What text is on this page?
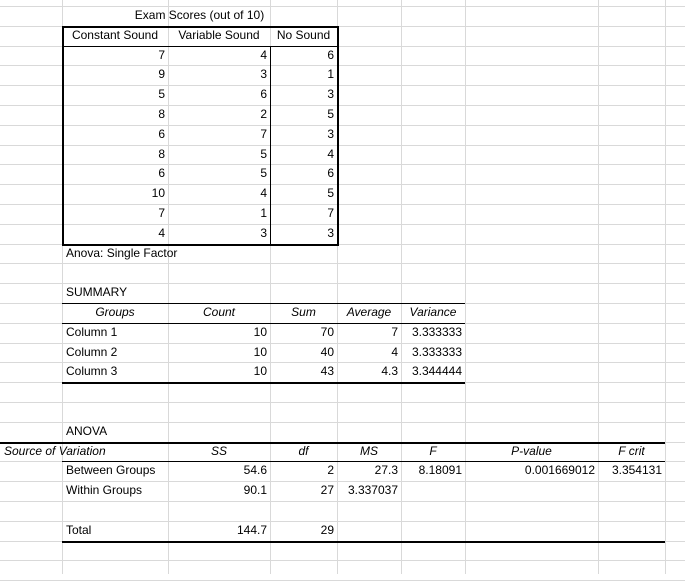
Exam Scores (out of 10)
Constant Sound	Variable Sound	No Sound
7	4	6
9	3	1
5	6	3
8	2	5
6	7	3
8	5	4
6	5	6
10	4	5
7	1	7
4	3	3
Anova: Single Factor
SUMMARY
Groups	Count	Sum	Average	Variance
Column 1	10	70	7	3.333333
Column 2	10	40	4	3.333333
Column 3	10	43	4.3	3.344444
ANOVA
Source of Variation	SS	df	MS	F	P-value	F crit
Between Groups	54.6	2	27.3	8.18091	0.001669012	3.354131
Within Groups	90.1	27	3.337037
Total	144.7	29
